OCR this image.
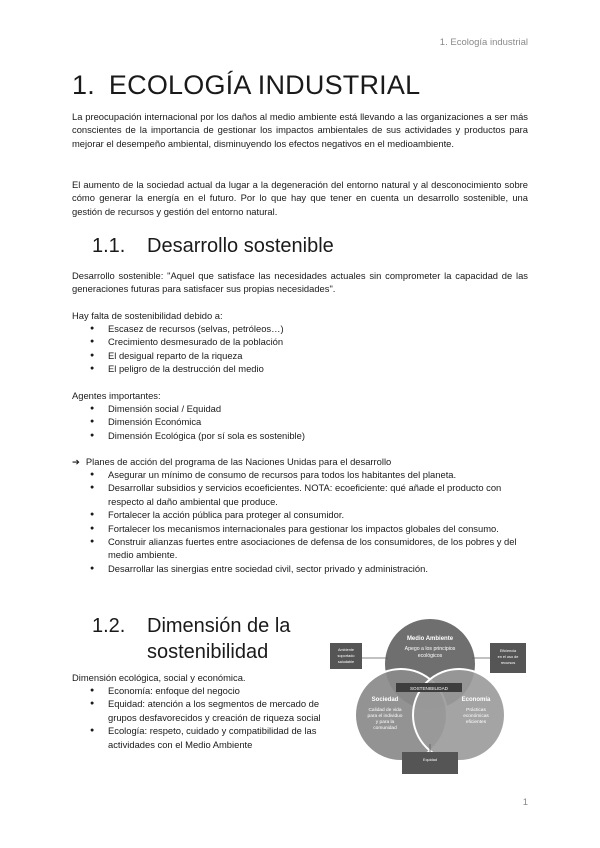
1. Ecología industrial
1. ECOLOGÍA INDUSTRIAL

La preocupación internacional por los daños al medio ambiente está llevando a las organizaciones a ser más conscientes de la importancia de gestionar los impactos ambientales de sus actividades y productos para mejorar el desempeño ambiental, disminuyendo los efectos negativos en el medioambiente.

El aumento de la sociedad actual da lugar a la degeneración del entorno natural y al desconocimiento sobre cómo generar la energía en el futuro. Por lo que hay que tener en cuenta un desarrollo sostenible, una gestión de recursos y gestión del entorno natural.

1.1. Desarrollo sostenible

Desarrollo sostenible: "Aquel que satisface las necesidades actuales sin comprometer la capacidad de las generaciones futuras para satisfacer sus propias necesidades".

Hay falta de sostenibilidad debido a:

● Escasez de recursos (selvas, petróleos…)
● Crecimiento desmesurado de la población
● El desigual reparto de la riqueza
● El peligro de la destrucción del medio

Agentes importantes:

● Dimensión social / Equidad
● Dimensión Económica
● Dimensión Ecológica (por sí sola es sostenible)
➔ Planes de acción del programa de las Naciones Unidas para el desarrollo
● Asegurar un mínimo de consumo de recursos para todos los habitantes del planeta.
● Desarrollar subsidios y servicios ecoeficientes. NOTA: ecoeficiente: qué añade el producto con respecto al daño ambiental que produce.
● Fortalecer la acción pública para proteger al consumidor.
● Fortalecer los mecanismos internacionales para gestionar los impactos globales del consumo.
● Construir alianzas fuertes entre asociaciones de defensa de los consumidores, de los pobres y del medio ambiente.
● Desarrollar las sinergias entre sociedad civil, sector privado y administración.
1.2. Dimensión de la
sostenibilidad

Dimensión ecológica, social y económica.

● Economía: enfoque del negocio
● Equidad: atención a los segmentos de mercado de grupos desfavorecidos y creación de riqueza social
● Ecología: respeto, cuidado y compatibilidad de las actividades con el Medio Ambiente
Medio Ambiente
Apego a los principios
ecológicos
SOSTENIBILIDAD
Sociedad
Calidad de vida
para el individuo
y para la
comunidad
Economía
Prácticas
económicas
eficientes
Ambiente
soportado
saludable
Eficiencia
en el uso de
recursos
Equidad
1
